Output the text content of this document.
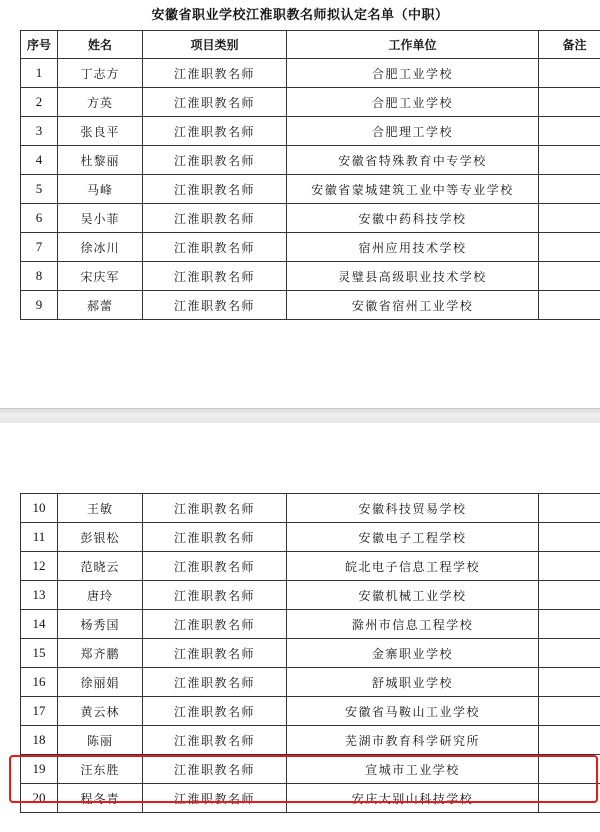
安徽省职业学校江淮职教名师拟认定名单（中职）
序号	姓名	项目类别	工作单位	备注
1	丁志方	江淮职教名师	合肥工业学校	
2	方英	江淮职教名师	合肥工业学校	
3	张良平	江淮职教名师	合肥理工学校	
4	杜黎丽	江淮职教名师	安徽省特殊教育中专学校	
5	马峰	江淮职教名师	安徽省蒙城建筑工业中等专业学校	
6	吴小菲	江淮职教名师	安徽中药科技学校	
7	徐冰川	江淮职教名师	宿州应用技术学校	
8	宋庆军	江淮职教名师	灵璧县高级职业技术学校	
9	郝蕾	江淮职教名师	安徽省宿州工业学校	
10	王敏	江淮职教名师	安徽科技贸易学校	
11	彭银松	江淮职教名师	安徽电子工程学校	
12	范晓云	江淮职教名师	皖北电子信息工程学校	
13	唐玲	江淮职教名师	安徽机械工业学校	
14	杨秀国	江淮职教名师	滁州市信息工程学校	
15	郑齐鹏	江淮职教名师	金寨职业学校	
16	徐丽娟	江淮职教名师	舒城职业学校	
17	黄云林	江淮职教名师	安徽省马鞍山工业学校	
18	陈丽	江淮职教名师	芜湖市教育科学研究所	
19	汪东胜	江淮职教名师	宣城市工业学校	
20	程冬青	江淮职教名师	安庆大别山科技学校	
